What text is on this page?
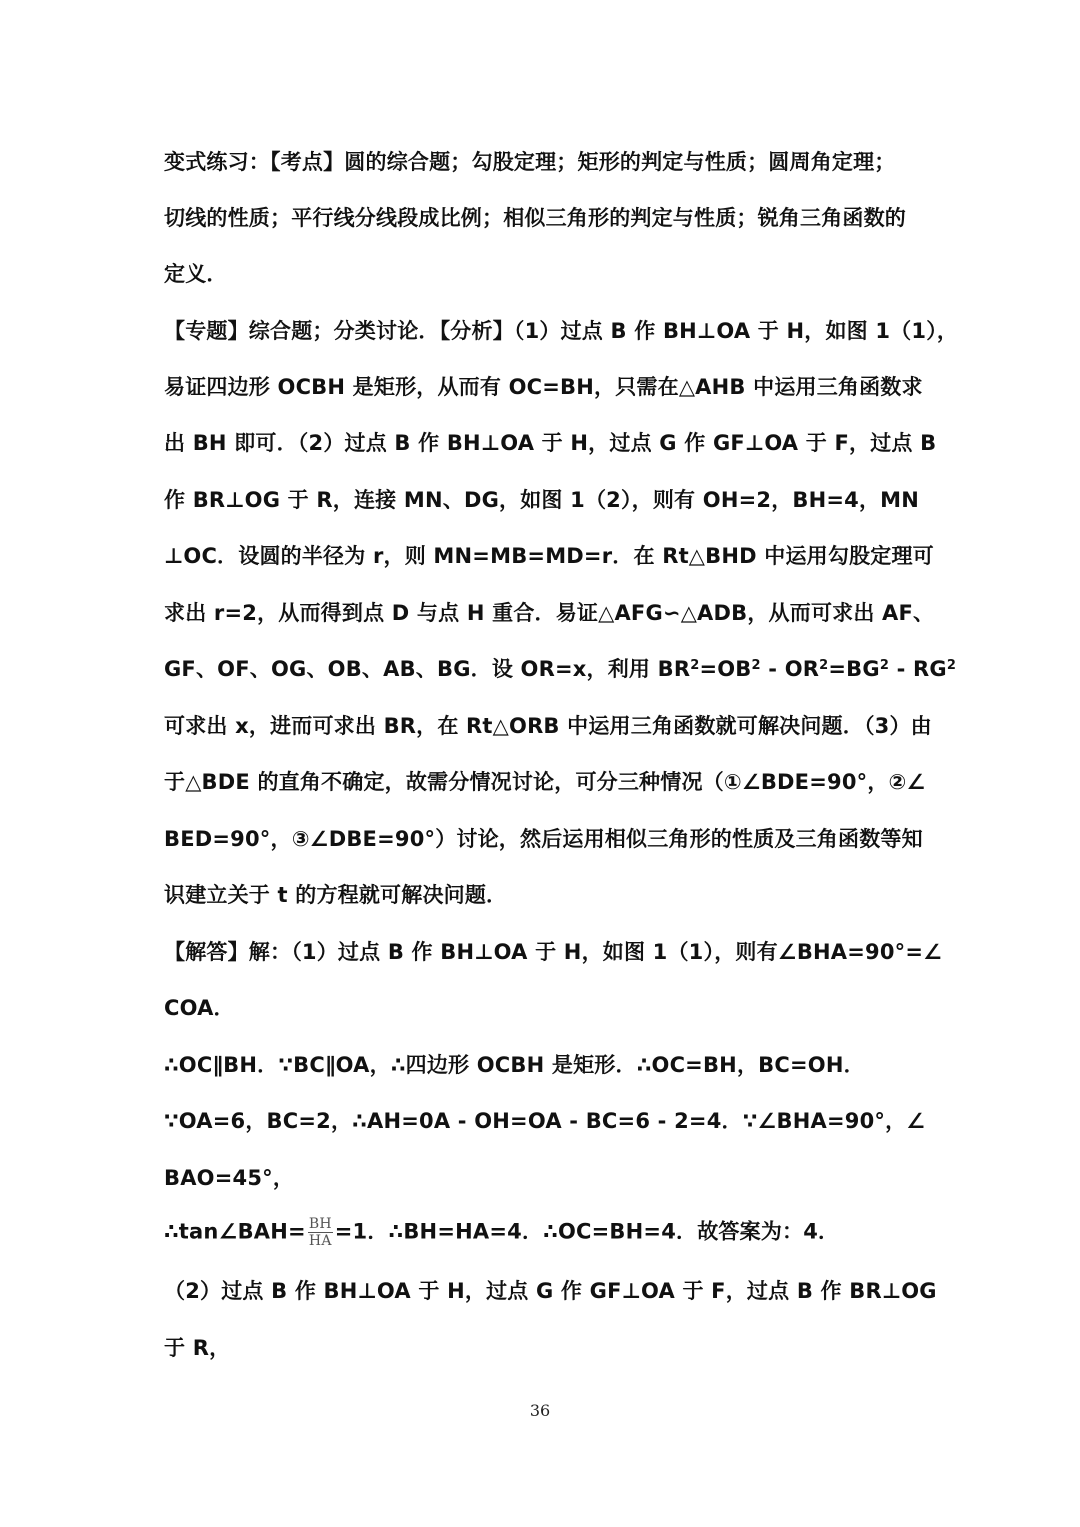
变式练习：【考点】圆的综合题；勾股定理；矩形的判定与性质；圆周角定理；
切线的性质；平行线分线段成比例；相似三角形的判定与性质；锐角三角函数的
定义．
【专题】综合题；分类讨论．【分析】（1）过点 B 作 BH⊥OA 于 H，如图 1（1），
易证四边形 OCBH 是矩形，从而有 OC=BH，只需在△AHB 中运用三角函数求
出 BH 即可．（2）过点 B 作 BH⊥OA 于 H，过点 G 作 GF⊥OA 于 F，过点 B
作 BR⊥OG 于 R，连接 MN、DG，如图 1（2），则有 OH=2，BH=4，MN
⊥OC．设圆的半径为 r，则 MN=MB=MD=r．在 Rt△BHD 中运用勾股定理可
求出 r=2，从而得到点 D 与点 H 重合．易证△AFG∽△ADB，从而可求出 AF、
GF、OF、OG、OB、AB、BG．设 OR=x，利用 $BR^2=OB^2 - OR^2=BG^2 - RG^2$
可求出 x，进而可求出 BR，在 Rt△ORB 中运用三角函数就可解决问题．（3）由
于△BDE 的直角不确定，故需分情况讨论，可分三种情况（①∠BDE=90°，②∠
BED=90°，③∠DBE=90°）讨论，然后运用相似三角形的性质及三角函数等知
识建立关于 t 的方程就可解决问题．
【解答】解：（1）过点 B 作 BH⊥OA 于 H，如图 1（1），则有∠BHA=90°=∠
COA．
∴OC∥BH．∵BC∥OA，∴四边形 OCBH 是矩形．∴OC=BH，BC=OH．
∵OA=6，BC=2，∴AH=0A - OH=OA - BC=6 - 2=4．∵∠BHA=90°，∠
BAO=45°，
∴tan∠BAH= $\frac{BH}{HA} =1$．∴BH=HA=4．∴OC=BH=4．故答案为：4．
（2）过点 B 作 BH⊥OA 于 H，过点 G 作 GF⊥OA 于 F，过点 B 作 BR⊥OG
于 R，
36
